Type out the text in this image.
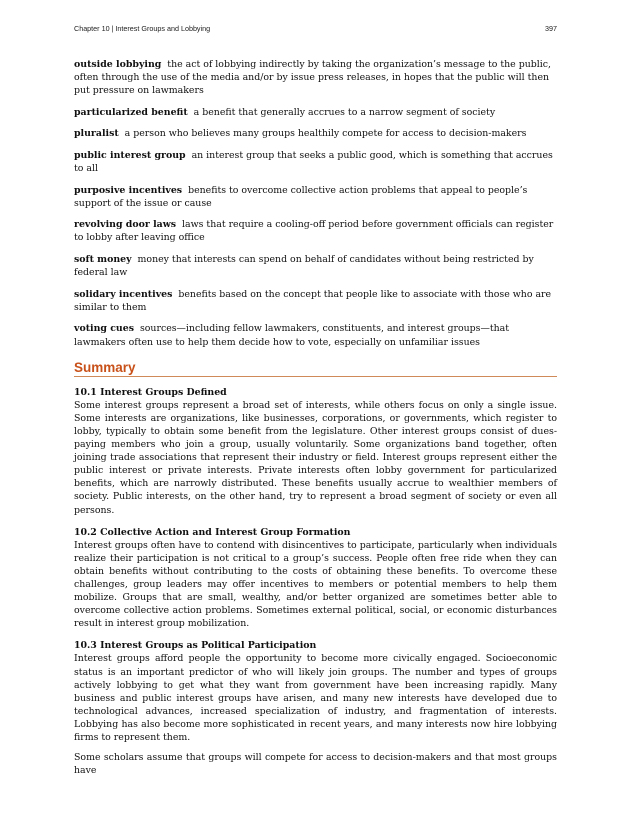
Chapter 10 | Interest Groups and Lobbying	397
outside lobbying the act of lobbying indirectly by taking the organization’s message to the public, often through the use of the media and/or by issue press releases, in hopes that the public will then put pressure on lawmakers
particularized benefit a benefit that generally accrues to a narrow segment of society
pluralist a person who believes many groups healthily compete for access to decision-makers
public interest group an interest group that seeks a public good, which is something that accrues to all
purposive incentives benefits to overcome collective action problems that appeal to people’s support of the issue or cause
revolving door laws laws that require a cooling-off period before government officials can register to lobby after leaving office
soft money money that interests can spend on behalf of candidates without being restricted by federal law
solidary incentives benefits based on the concept that people like to associate with those who are similar to them
voting cues sources—including fellow lawmakers, constituents, and interest groups—that lawmakers often use to help them decide how to vote, especially on unfamiliar issues
Summary
10.1 Interest Groups Defined
Some interest groups represent a broad set of interests, while others focus on only a single issue. Some interests are organizations, like businesses, corporations, or governments, which register to lobby, typically to obtain some benefit from the legislature. Other interest groups consist of dues-paying members who join a group, usually voluntarily. Some organizations band together, often joining trade associations that represent their industry or field. Interest groups represent either the public interest or private interests. Private interests often lobby government for particularized benefits, which are narrowly distributed. These benefits usually accrue to wealthier members of society. Public interests, on the other hand, try to represent a broad segment of society or even all persons.
10.2 Collective Action and Interest Group Formation
Interest groups often have to contend with disincentives to participate, particularly when individuals realize their participation is not critical to a group’s success. People often free ride when they can obtain benefits without contributing to the costs of obtaining these benefits. To overcome these challenges, group leaders may offer incentives to members or potential members to help them mobilize. Groups that are small, wealthy, and/or better organized are sometimes better able to overcome collective action problems. Sometimes external political, social, or economic disturbances result in interest group mobilization.
10.3 Interest Groups as Political Participation
Interest groups afford people the opportunity to become more civically engaged. Socioeconomic status is an important predictor of who will likely join groups. The number and types of groups actively lobbying to get what they want from government have been increasing rapidly. Many business and public interest groups have arisen, and many new interests have developed due to technological advances, increased specialization of industry, and fragmentation of interests. Lobbying has also become more sophisticated in recent years, and many interests now hire lobbying firms to represent them.
Some scholars assume that groups will compete for access to decision-makers and that most groups have
